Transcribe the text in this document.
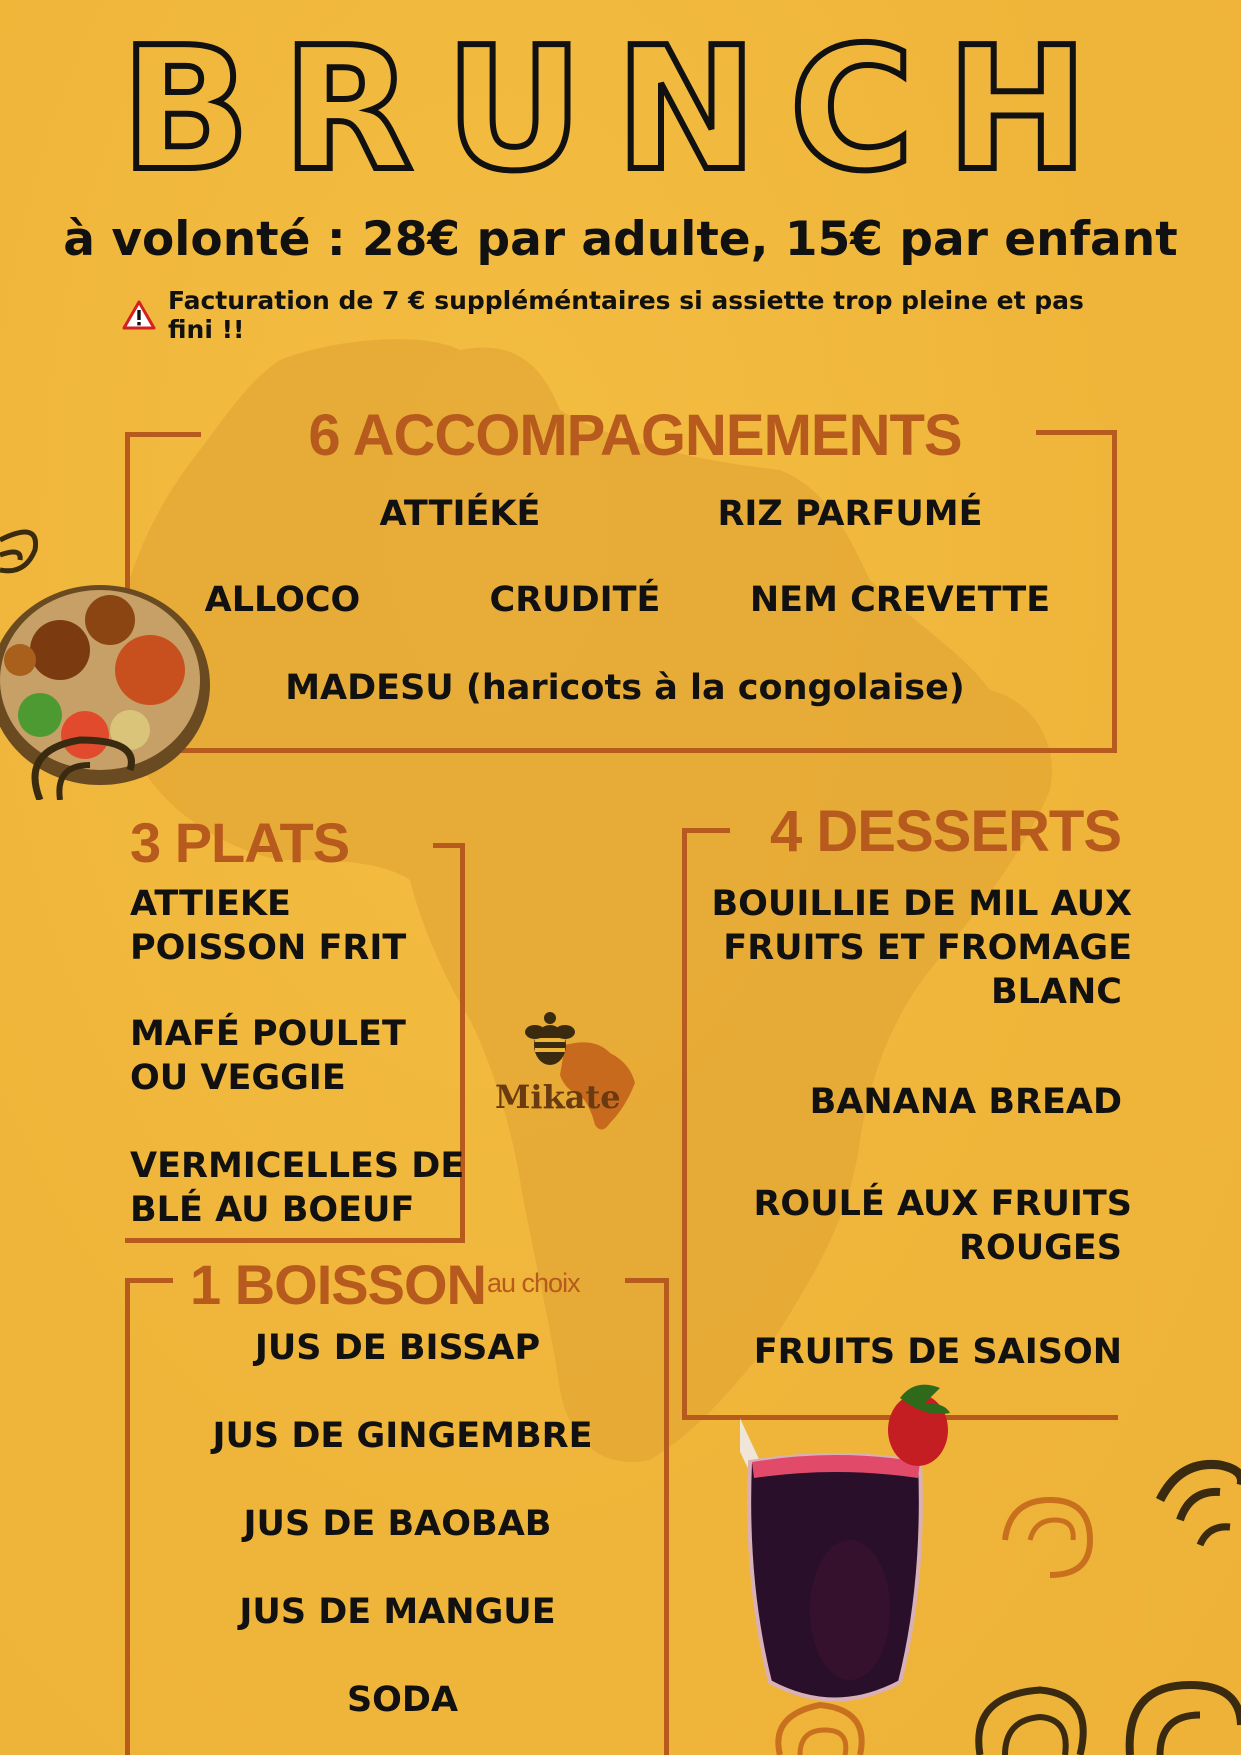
BRUNCH
à volonté : 28€ par adulte, 15€ par enfant
Facturation de 7 € suppléméntaires si assiette trop pleine et pas fini !!
6 ACCOMPAGNEMENTS
ATTIÉKÉ	RIZ PARFUMÉ
ALLOCO	CRUDITÉ	NEM CREVETTE
MADESU (haricots à la congolaise)
3 PLATS
ATTIEKE
POISSON FRIT
MAFÉ POULET
OU VEGGIE
VERMICELLES DE
BLÉ AU BOEUF
Mikate
4 DESSERTS
BOUILLIE DE MIL AUX
FRUITS ET FROMAGE
BLANC
BANANA BREAD
ROULÉ AUX FRUITS
ROUGES
FRUITS DE SAISON
1 BOISSON au choix
JUS DE BISSAP
JUS DE GINGEMBRE
JUS DE BAOBAB
JUS DE MANGUE
SODA
